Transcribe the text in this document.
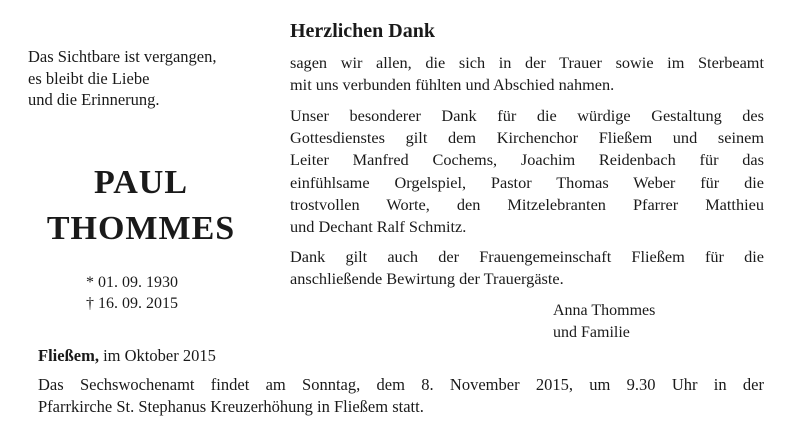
Das Sichtbare ist vergangen,
es bleibt die Liebe
und die Erinnerung.
PAUL
THOMMES
* 01. 09. 1930
† 16. 09. 2015
Herzlichen Dank
sagen wir allen, die sich in der Trauer sowie im Sterbeamt
mit uns verbunden fühlten und Abschied nahmen.
Unser besonderer Dank für die würdige Gestaltung des
Gottesdienstes gilt dem Kirchenchor Fließem und seinem
Leiter Manfred Cochems, Joachim Reidenbach für das
einfühlsame Orgelspiel, Pastor Thomas Weber für die
trostvollen Worte, den Mitzelebranten Pfarrer Matthieu
und Dechant Ralf Schmitz.
Dank gilt auch der Frauengemeinschaft Fließem für die
anschließende Bewirtung der Trauergäste.
Anna Thommes
und Familie
Fließem, im Oktober 2015
Das Sechswochenamt findet am Sonntag, dem 8. November 2015, um 9.30 Uhr in der
Pfarrkirche St. Stephanus Kreuzerhöhung in Fließem statt.
